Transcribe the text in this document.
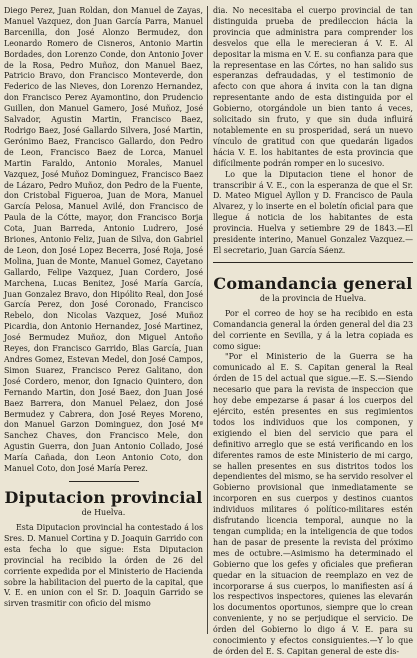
Diego Perez, Juan Roldan, don Manuel de Zayas, Manuel Vazquez, don Juan García Parra, Manuel Barcenilla, don José Alonzo Bermudez, don Leonardo Romero de Cisneros, Antonio Martin Bordades, don Lorenzo Conde, don Antonio Jover de la Rosa, Pedro Muñoz, don Manuel Baez, Patricio Bravo, don Francisco Monteverde, don Federico de las Nieves, don Lorenzo Hernandez, don Francisco Perez Ayamontino, don Prudencio Guillen, don Manuel Gamero, José Muñoz, José Salvador, Agustin Martin, Francisco Baez, Rodrigo Baez, José Gallardo Silvera, José Martin, Gerónimo Baez, Francisco Gallardo, don Pedro de Leon, Francisco Baez de Lorca, Manuel Martin Faraldo, Antonio Morales, Manuel Vazquez, José Muñoz Dominguez, Francisco Baez de Lázaro, Pedro Muñoz, don Pedro de la Fuente, don Cristobal Figueroa, Juan de Mora, Manuel García Pelosa, Manuel Avilé, don Francisco de Paula de la Cótte, mayor, don Francisco Borja Cota, Juan Barreda, Antonio Ludrero, José Briones, Antonio Feliz, Juan de Silva, don Gabriel de Leon, don José Lopez Becerra, José Roja, José Molina, Juan de Monte, Manuel Gomez, Cayetano Gallardo, Felipe Vazquez, Juan Cordero, José Marchena, Lucas Benitez, José María García, Juan Gonzalez Bravo, don Hipólito Real, don José García Perez, don José Coronado, Francisco Rebelo, don Nicolas Vazquez, José Muñoz Picardia, don Antonio Hernandez, José Martinez, José Bermudez Muñoz, don Miguel Antoño Reyes, don Francisco Garrido, Blas García, Juan Andres Gomez, Estevan Medel, don José Campos, Simon Suarez, Francisco Perez Galitano, don José Cordero, menor, don Ignacio Quintero, don Fernando Martin, don José Baez, don Juan José Baez Barrera, don Manuel Pelaez, don José Bermudez y Cabrera, don José Reyes Moreno, don Manuel Garzon Dominguez, don José Mª Sanchez Chaves, don Francisco Mele, don Agustin Guerra, don Juan Antonio Collado, José María Cañada, don Leon Antonio Coto, don Manuel Coto, don José María Perez.

Diputacion provincial
de Huelva.

Esta Diputacion provincial ha contestado á los Sres. D. Manuel Cortina y D. Joaquin Garrido con esta fecha lo que sigue: Esta Diputacion provincial ha recibido la órden de 26 del corriente expedida por el Ministerio de Hacienda sobre la habilitacion del puerto de la capital, que V. E. en union con el Sr. D. Joaquin Garrido se sirven trasmitir con oficio del mismo

dia. No necesitaba el cuerpo provincial de tan distinguida prueba de predileccion hácia la provincia que administra para comprender los desvelos que ella le merecieran á V. E. Al depositar la misma en V. E. su confianza para que la representase en las Córtes, no han salido sus esperanzas defraudadas, y el testimonio de afecto con que ahora á invita con la tan digna representante ando de esta distinguida por el Gobierno, otorgándole un bien tanto á veces, solicitado sin fruto, y que sin duda influirá notablemente en su prosperidad, será un nuevo vínculo de gratitud con que quedarán ligados hácia V. E. los habitantes de esta provincia que difícilmente podrán romper en lo sucesivo.

Lo que la Diputacion tiene el honor de transcribir á V. E., con la esperanza de que el Sr. D. Mateo Miguel Ayllon y D. Francisco de Paula Alvarez, y lo inserte en el boletín oficial para que llegue á noticia de los habitantes de esta provincia. Huelva y setiembre 29 de 1843.—El presidente interino, Manuel Gonzalez Vazquez.—El secretario, Juan García Sáenz.

Comandancia general
de la provincia de Huelva.

Por el correo de hoy se ha recibido en esta Comandancia general la órden general del dia 23 del corriente en Sevilla, y á la letra copiada es como sigue:

"Por el Ministerio de la Guerra se ha comunicado al E. S. Capitan general la Real órden de 15 del actual que sigue.—E. S.—Siendo necesario que para la revista de inspeccion que hoy debe empezarse á pasar á los cuerpos del ejército, estén presentes en sus regimientos todos los individuos que los componen, y exigiendo el bien del servicio que para el definitivo arreglo que se está verificando en los diferentes ramos de este Ministerio de mi cargo, se hallen presentes en sus distritos todos los dependientes del mismo, se ha servido resolver el Gobierno provisional que inmediatamente se incorporen en sus cuerpos y destinos cuantos individuos militares ó político-militares estén disfrutando licencia temporal, aunque no la tengan cumplida; en la inteligencia de que todos han de pasar de presente la revista del próximo mes de octubre.—Asimismo ha determinado el Gobierno que los gefes y oficiales que prefieran quedar en la situacion de reemplazo en vez de incorporarse á sus cuerpos, lo manifiesten así á los respectivos inspectores, quienes las elevarán los documentos oportunos, siempre que lo crean conveniente, y no se perjudique el servicio. De órden del Gobierno lo digo á V. E. para su conocimiento y efectos consiguientes.—Y lo que de órden del E. S. Capitan general de este dis-
